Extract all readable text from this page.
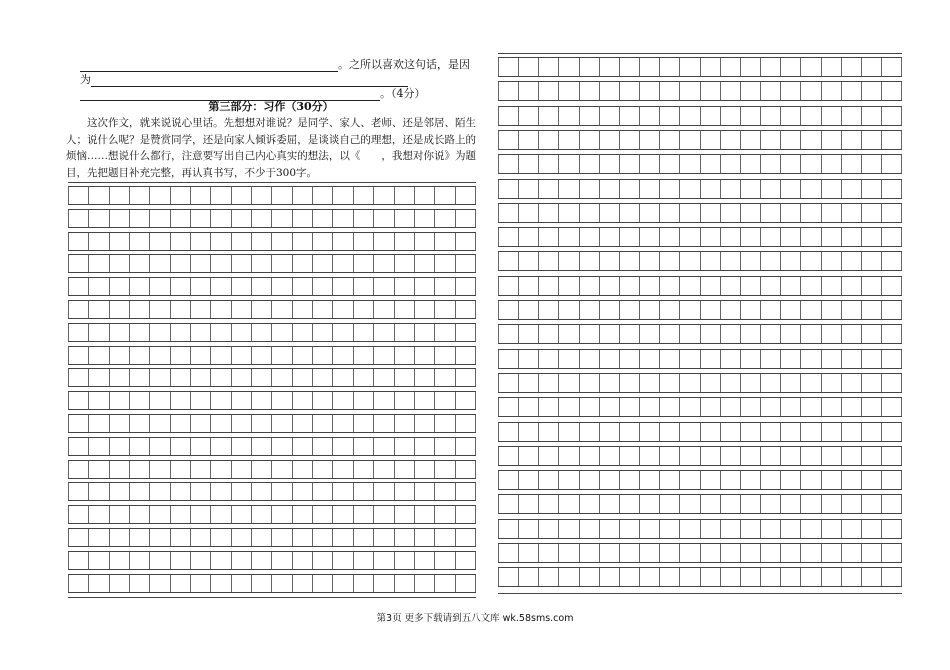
。之所以喜欢这句话，是因
为
。（4分）
第三部分：习作（30分）
这次作文，就来说说心里话。先想想对谁说？是同学、家人、老师、还是邻居、陌生人；说什么呢？是赞赏同学，还是向家人倾诉委屈，是谈谈自己的理想，还是成长路上的烦恼……想说什么都行，注意要写出自己内心真实的想法，以《　　，我想对你说》为题目，先把题目补充完整，再认真书写，不少于300字。
第3页 更多下载请到五八文库 wk.58sms.com
